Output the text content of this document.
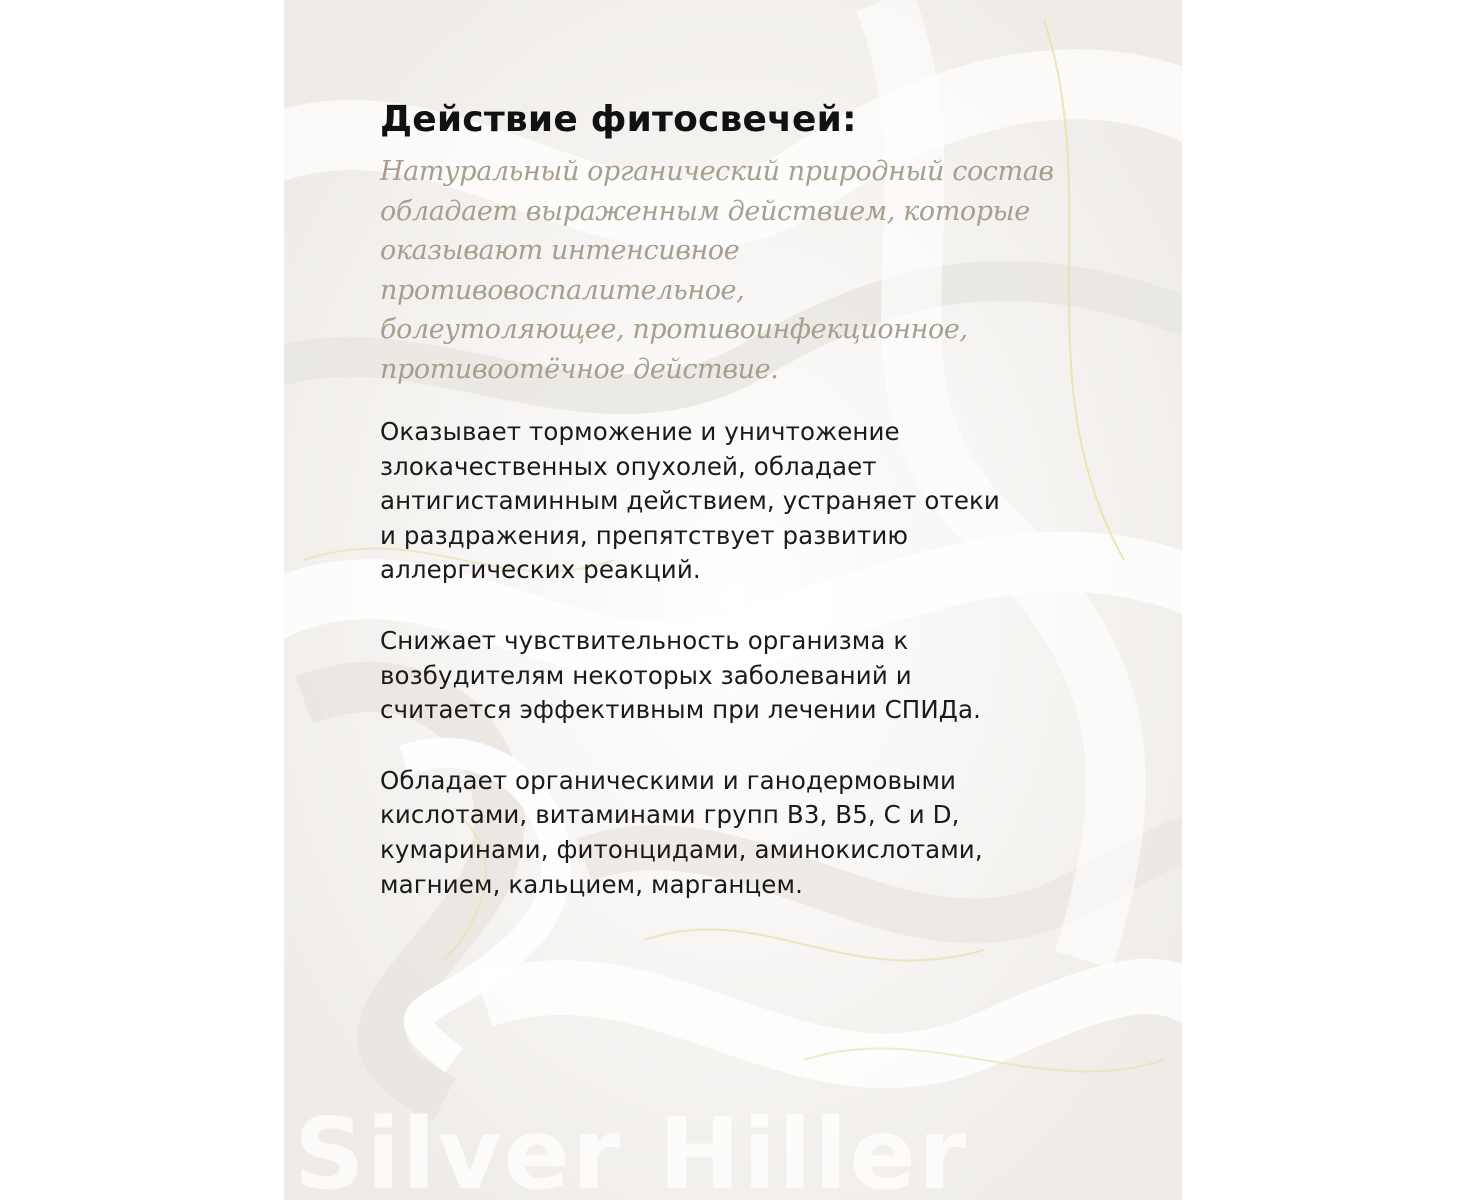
Действие фитосвечей:

Натуральный органический природный состав
обладает выраженным действием, которые
оказывают интенсивное противовоспалительное,
болеутоляющее, противоинфекционное,
противоотёчное действие.

Оказывает торможение и уничтожение
злокачественных опухолей, обладает
антигистаминным действием, устраняет отеки
и раздражения, препятствует развитию
аллергических реакций.

Снижает чувствительность организма к
возбудителям некоторых заболеваний и
считается эффективным при лечении СПИДа.

Обладает органическими и ганодермовыми
кислотами, витаминами групп В3, В5, С и D,
кумаринами, фитонцидами, аминокислотами,
магнием, кальцием, марганцем.

Silver Hiller
